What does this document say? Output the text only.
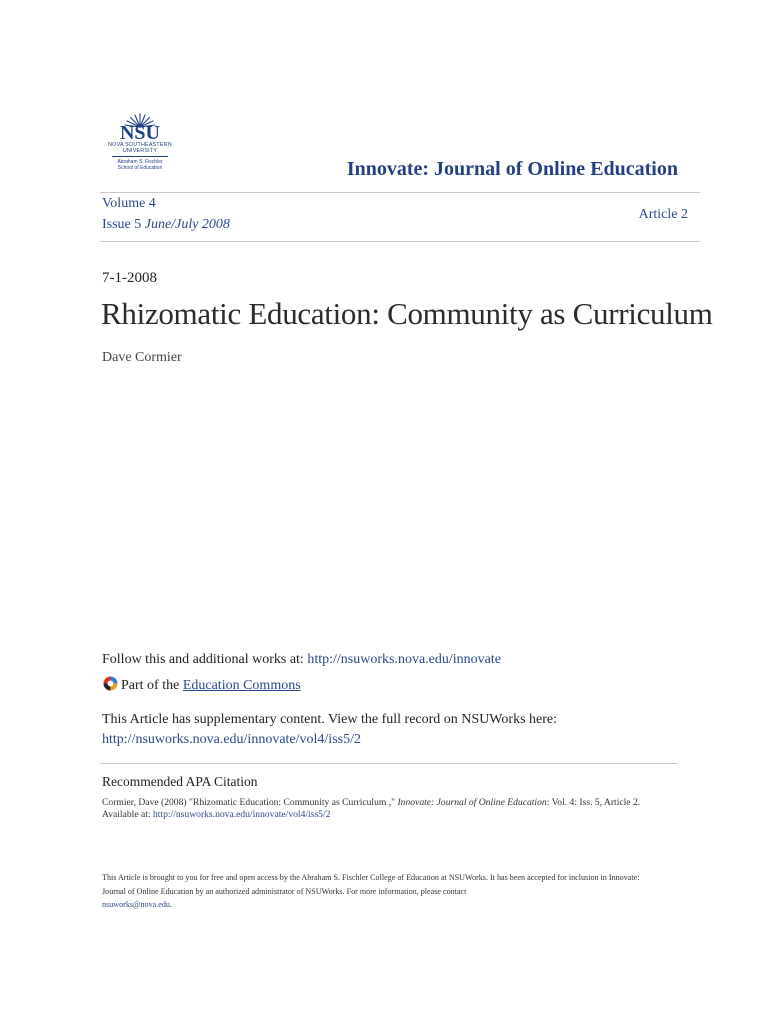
NSU
NOVA SOUTHEASTERN
UNIVERSITY
Abraham S. Fischler
School of Education	Innovate: Journal of Online Education
Volume 4
Issue 5 June/July 2008
Article 2
7-1-2008
Rhizomatic Education: Community as Curriculum
Dave Cormier
Follow this and additional works at: http://nsuworks.nova.edu/innovate
Part of the Education Commons
This Article has supplementary content. View the full record on NSUWorks here:
http://nsuworks.nova.edu/innovate/vol4/iss5/2
Recommended APA Citation
Cormier, Dave (2008) "Rhizomatic Education: Community as Curriculum ," Innovate: Journal of Online Education: Vol. 4: Iss. 5, Article 2.
Available at: http://nsuworks.nova.edu/innovate/vol4/iss5/2
This Article is brought to you for free and open access by the Abraham S. Fischler College of Education at NSUWorks. It has been accepted for inclusion in Innovate: Journal of Online Education by an authorized administrator of NSUWorks. For more information, please contact
nsuworks@nova.edu.
